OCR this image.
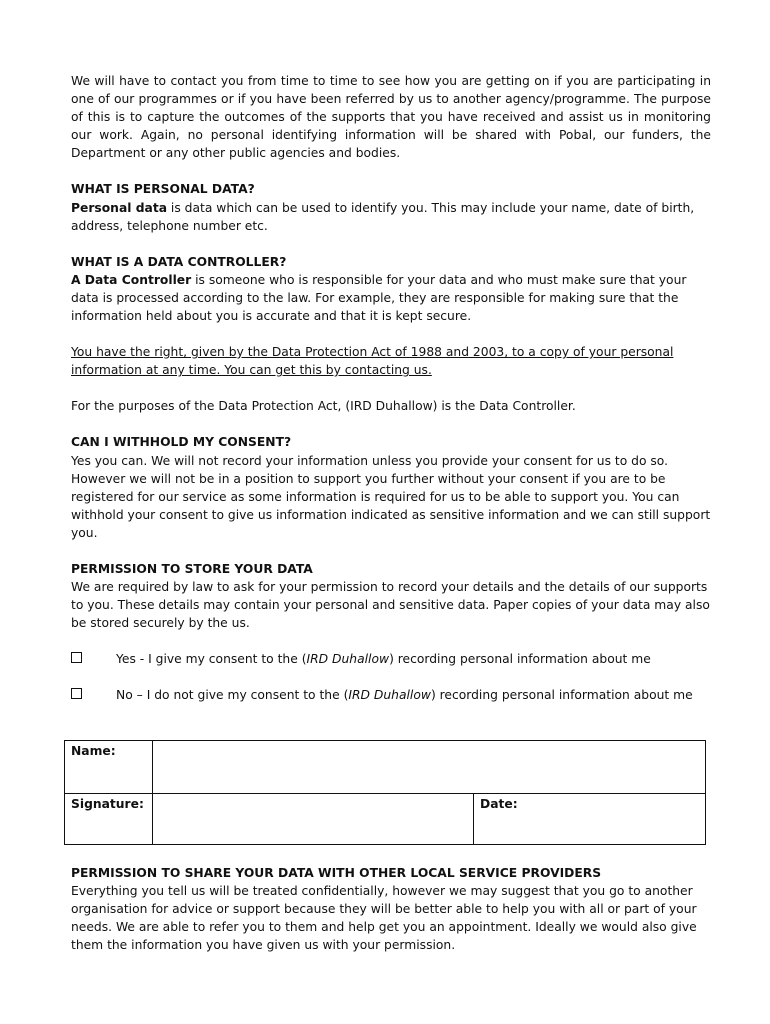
We will have to contact you from time to time to see how you are getting on if you are participating in one of our programmes or if you have been referred by us to another agency/programme. The purpose of this is to capture the outcomes of the supports that you have received and assist us in monitoring our work. Again, no personal identifying information will be shared with Pobal, our funders, the Department or any other public agencies and bodies.

WHAT IS PERSONAL DATA?

Personal data is data which can be used to identify you. This may include your name, date of birth, address, telephone number etc.

WHAT IS A DATA CONTROLLER?

A Data Controller is someone who is responsible for your data and who must make sure that your data is processed according to the law. For example, they are responsible for making sure that the information held about you is accurate and that it is kept secure.

You have the right, given by the Data Protection Act of 1988 and 2003, to a copy of your personal information at any time. You can get this by contacting us.

For the purposes of the Data Protection Act, (IRD Duhallow) is the Data Controller.

CAN I WITHHOLD MY CONSENT?

Yes you can. We will not record your information unless you provide your consent for us to do so. However we will not be in a position to support you further without your consent if you are to be registered for our service as some information is required for us to be able to support you. You can withhold your consent to give us information indicated as sensitive information and we can still support you.

PERMISSION TO STORE YOUR DATA

We are required by law to ask for your permission to record your details and the details of our supports to you. These details may contain your personal and sensitive data. Paper copies of your data may also be stored securely by the us.

Yes - I give my consent to the (IRD Duhallow) recording personal information about me
No – I do not give my consent to the (IRD Duhallow) recording personal information about me
Name:
Signature:	Date:

PERMISSION TO SHARE YOUR DATA WITH OTHER LOCAL SERVICE PROVIDERS

Everything you tell us will be treated confidentially, however we may suggest that you go to another organisation for advice or support because they will be better able to help you with all or part of your needs. We are able to refer you to them and help get you an appointment. Ideally we would also give them the information you have given us with your permission.
